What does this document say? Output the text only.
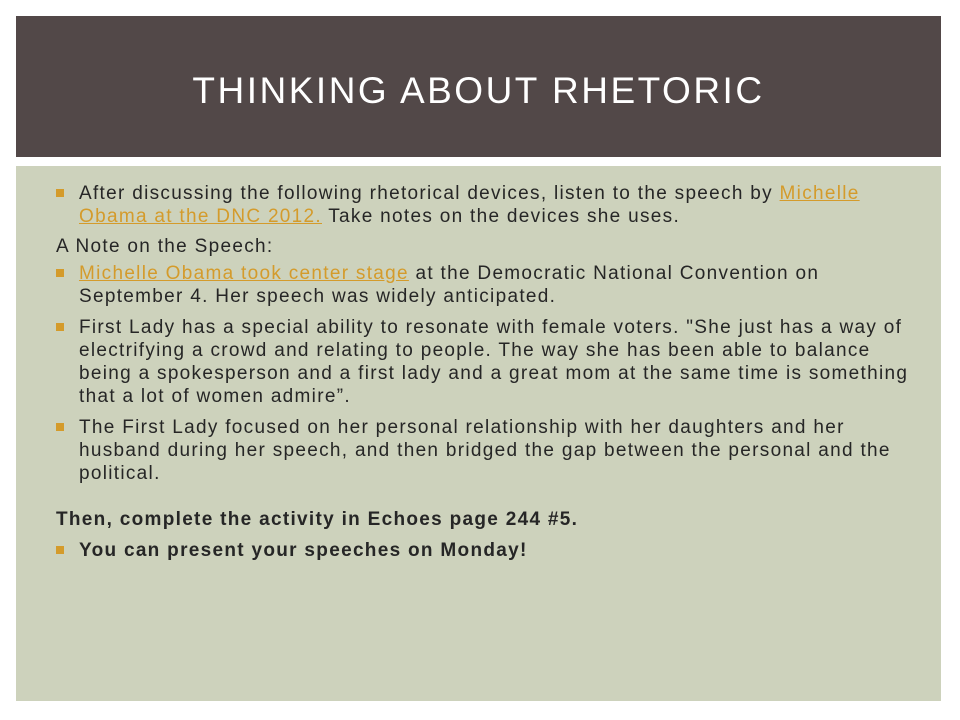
THINKING ABOUT RHETORIC
After discussing the following rhetorical devices, listen to the speech by Michelle Obama at the DNC 2012. Take notes on the devices she uses.
A Note on the Speech:
Michelle Obama took center stage at the Democratic National Convention on September 4. Her speech was widely anticipated.
First Lady has a special ability to resonate with female voters. "She just has a way of electrifying a crowd and relating to people. The way she has been able to balance being a spokesperson and a first lady and a great mom at the same time is something that a lot of women admire”.
The First Lady focused on her personal relationship with her daughters and her husband during her speech, and then bridged the gap between the personal and the political.
Then, complete the activity in Echoes page 244 #5.
You can present your speeches on Monday!
